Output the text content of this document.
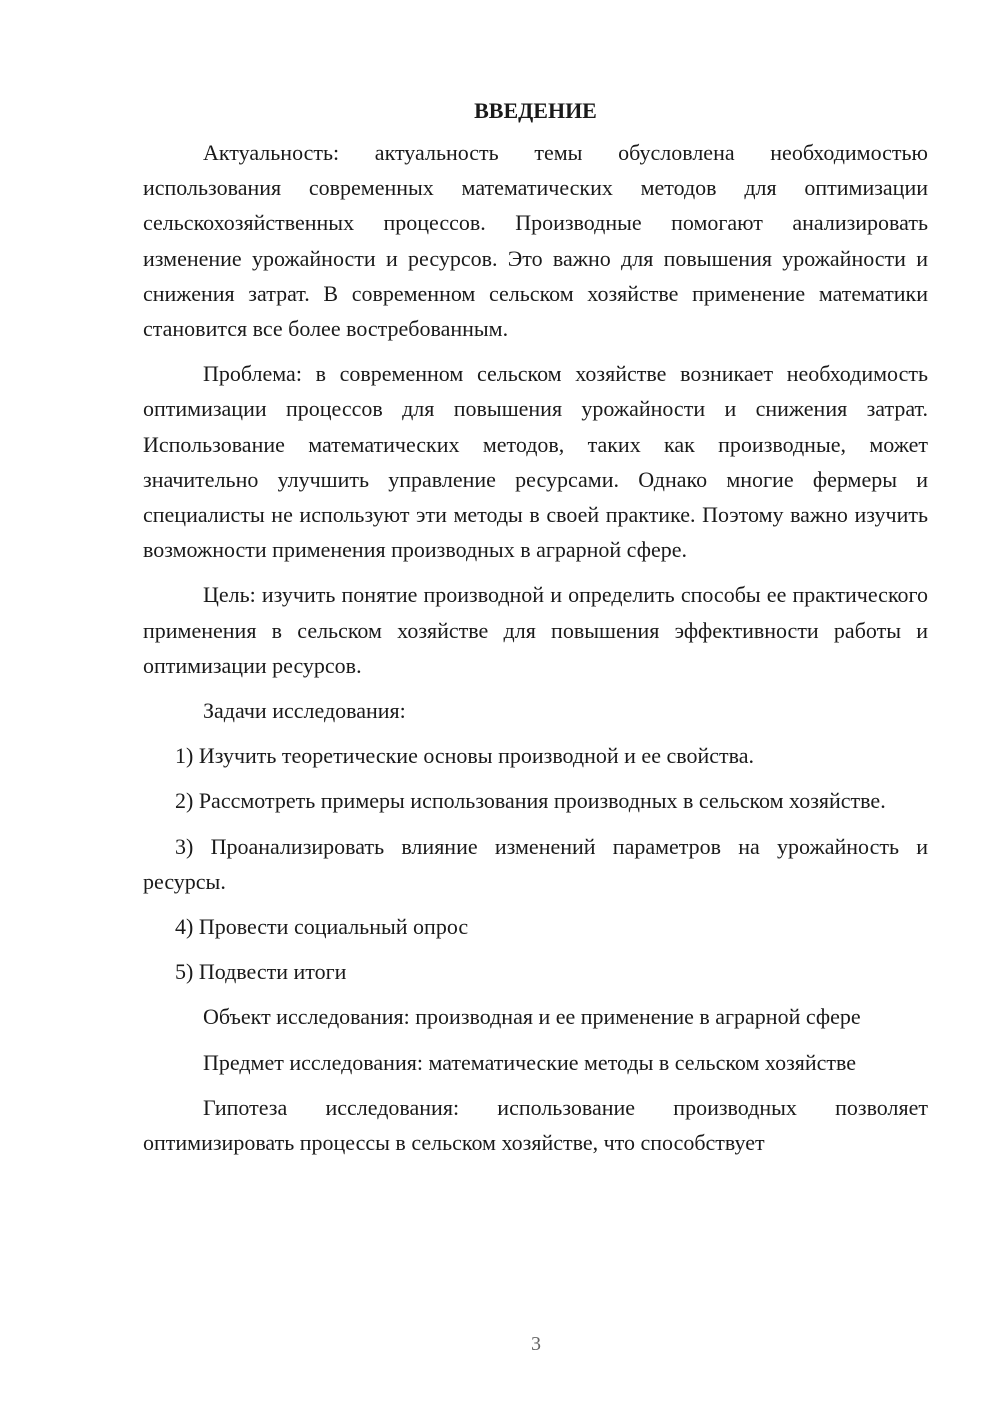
ВВЕДЕНИЕ

Актуальность: актуальность темы обусловлена необходимостью использования современных математических методов для оптимизации сельскохозяйственных процессов. Производные помогают анализировать изменение урожайности и ресурсов. Это важно для повышения урожайности и снижения затрат. В современном сельском хозяйстве применение математики становится все более востребованным.

Проблема: в современном сельском хозяйстве возникает необходимость оптимизации процессов для повышения урожайности и снижения затрат. Использование математических методов, таких как производные, может значительно улучшить управление ресурсами. Однако многие фермеры и специалисты не используют эти методы в своей практике. Поэтому важно изучить возможности применения производных в аграрной сфере.

Цель: изучить понятие производной и определить способы ее практического применения в сельском хозяйстве для повышения эффективности работы и оптимизации ресурсов.

Задачи исследования:

1) Изучить теоретические основы производной и ее свойства.

2) Рассмотреть примеры использования производных в сельском хозяйстве.

3) Проанализировать влияние изменений параметров на урожайность и ресурсы.

4) Провести социальный опрос

5) Подвести итоги

Объект исследования: производная и ее применение в аграрной сфере

Предмет исследования: математические методы в сельском хозяйстве

Гипотеза исследования: использование производных позволяет оптимизировать процессы в сельском хозяйстве, что способствует

3
